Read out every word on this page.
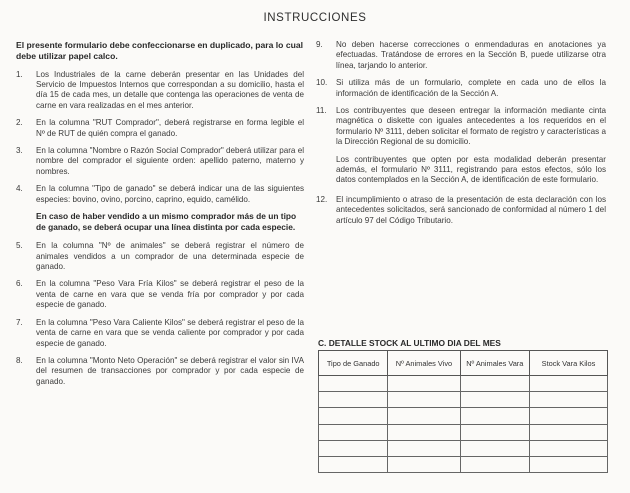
INSTRUCCIONES
El presente formulario debe confeccionarse en duplicado, para lo cual debe utilizar papel calco.
1.	Los Industriales de la carne deberán presentar en las Unidades del Servicio de Impuestos Internos que correspondan a su domicilio, hasta el día 15 de cada mes, un detalle que contenga las operaciones de venta de carne en vara realizadas en el mes anterior.
2.	En la columna "RUT Comprador", deberá registrarse en forma legible el Nº de RUT de quién compra el ganado.
3.	En la columna "Nombre o Razón Social Comprador" deberá utilizar para el nombre del comprador el siguiente orden: apellido paterno, materno y nombres.
4.	En la columna "Tipo de ganado" se deberá indicar una de las siguientes especies: bovino, ovino, porcino, caprino, equido, camélido.
En caso de haber vendido a un mismo comprador más de un tipo de ganado, se deberá ocupar una línea distinta por cada especie.
5.	En la columna "Nº de animales" se deberá registrar el número de animales vendidos a un comprador de una determinada especie de ganado.
6.	En la columna "Peso Vara Fría Kilos" se deberá registrar el peso de la venta de carne en vara que se venda fría por comprador y por cada especie de ganado.
7.	En la columna "Peso Vara Caliente Kilos" se deberá registrar el peso de la venta de carne en vara que se venda caliente por comprador y por cada especie de ganado.
8.	En la columna "Monto Neto Operación" se deberá registrar el valor sin IVA del resumen de transacciones por comprador y por cada especie de ganado.
9.	No deben hacerse correcciones o enmendaduras en anotaciones ya efectuadas. Tratándose de errores en la Sección B, puede utilizarse otra línea, tarjando lo anterior.
10.	Si utiliza más de un formulario, complete en cada uno de ellos la información de identificación de la Sección A.
11.	Los contribuyentes que deseen entregar la información mediante cinta magnética o diskette con iguales antecedentes a los requeridos en el formulario Nº 3111, deben solicitar el formato de registro y características a la Dirección Regional de su domicilio.
Los contribuyentes que opten por esta modalidad deberán presentar además, el formulario Nº 3111, registrando para estos efectos, sólo los datos contemplados en la Sección A, de identificación de este formulario.
12.	El incumplimiento o atraso de la presentación de esta declaración con los antecedentes solicitados, será sancionado de conformidad al número 1 del artículo 97 del Código Tributario.
C. DETALLE STOCK AL ULTIMO DIA DEL MES
Tipo de Ganado	Nº Animales Vivo	Nº Animales Vara	Stock Vara Kilos
